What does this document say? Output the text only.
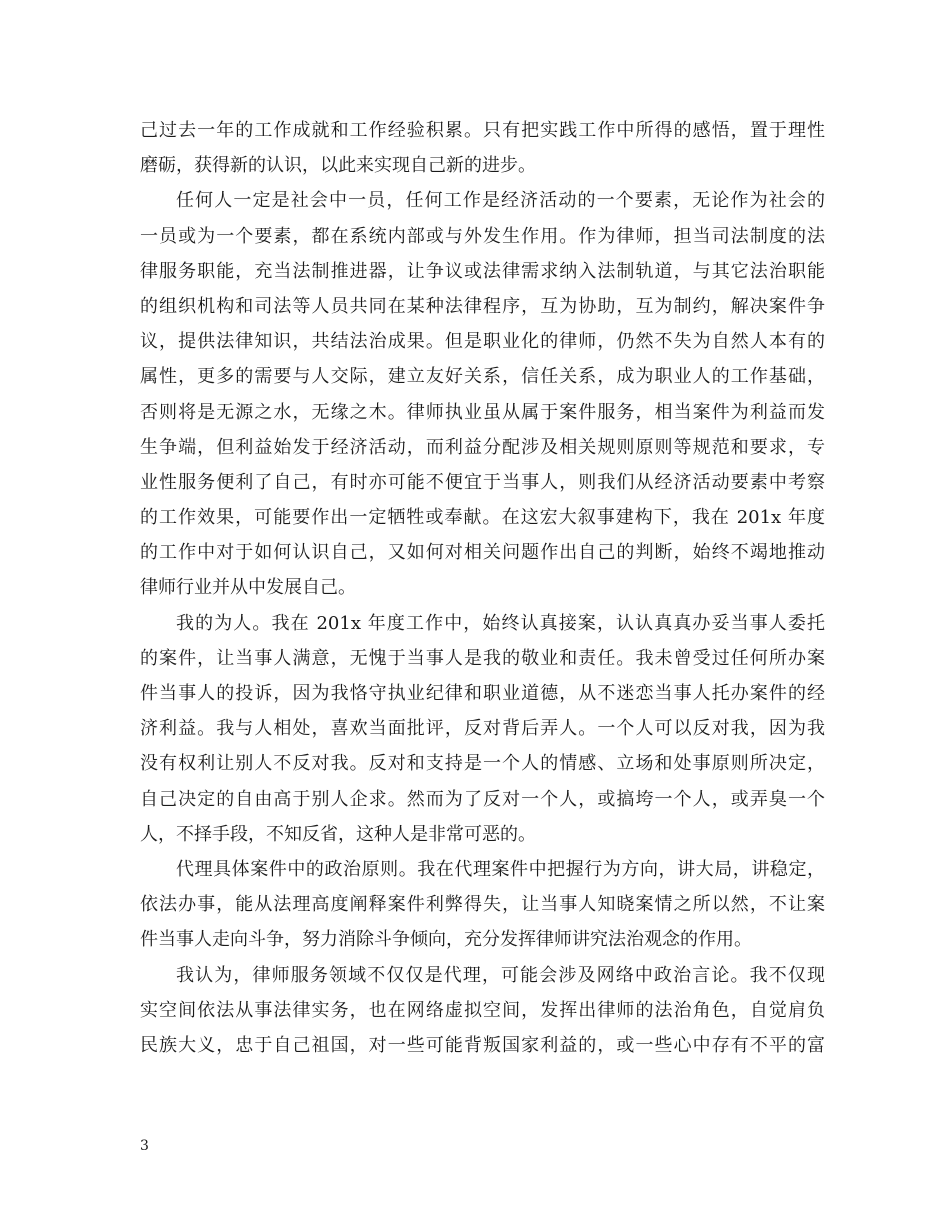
己过去一年的工作成就和工作经验积累。只有把实践工作中所得的感悟，置于理性
磨砺，获得新的认识，以此来实现自己新的进步。
任何人一定是社会中一员，任何工作是经济活动的一个要素，无论作为社会的
一员或为一个要素，都在系统内部或与外发生作用。作为律师，担当司法制度的法
律服务职能，充当法制推进器，让争议或法律需求纳入法制轨道，与其它法治职能
的组织机构和司法等人员共同在某种法律程序，互为协助，互为制约，解决案件争
议，提供法律知识，共结法治成果。但是职业化的律师，仍然不失为自然人本有的
属性，更多的需要与人交际，建立友好关系，信任关系，成为职业人的工作基础，
否则将是无源之水，无缘之木。律师执业虽从属于案件服务，相当案件为利益而发
生争端，但利益始发于经济活动，而利益分配涉及相关规则原则等规范和要求，专
业性服务便利了自己，有时亦可能不便宜于当事人，则我们从经济活动要素中考察
的工作效果，可能要作出一定牺牲或奉献。在这宏大叙事建构下，我在 201x 年度
的工作中对于如何认识自己，又如何对相关问题作出自己的判断，始终不竭地推动
律师行业并从中发展自己。
我的为人。我在 201x 年度工作中，始终认真接案，认认真真办妥当事人委托
的案件，让当事人满意，无愧于当事人是我的敬业和责任。我未曾受过任何所办案
件当事人的投诉，因为我恪守执业纪律和职业道德，从不迷恋当事人托办案件的经
济利益。我与人相处，喜欢当面批评，反对背后弄人。一个人可以反对我，因为我
没有权利让别人不反对我。反对和支持是一个人的情感、立场和处事原则所决定，
自己决定的自由高于别人企求。然而为了反对一个人，或搞垮一个人，或弄臭一个
人，不择手段，不知反省，这种人是非常可恶的。
代理具体案件中的政治原则。我在代理案件中把握行为方向，讲大局，讲稳定，
依法办事，能从法理高度阐释案件利弊得失，让当事人知晓案情之所以然，不让案
件当事人走向斗争，努力消除斗争倾向，充分发挥律师讲究法治观念的作用。
我认为，律师服务领域不仅仅是代理，可能会涉及网络中政治言论。我不仅现
实空间依法从事法律实务，也在网络虚拟空间，发挥出律师的法治角色，自觉肩负
民族大义，忠于自己祖国，对一些可能背叛国家利益的，或一些心中存有不平的富
3
